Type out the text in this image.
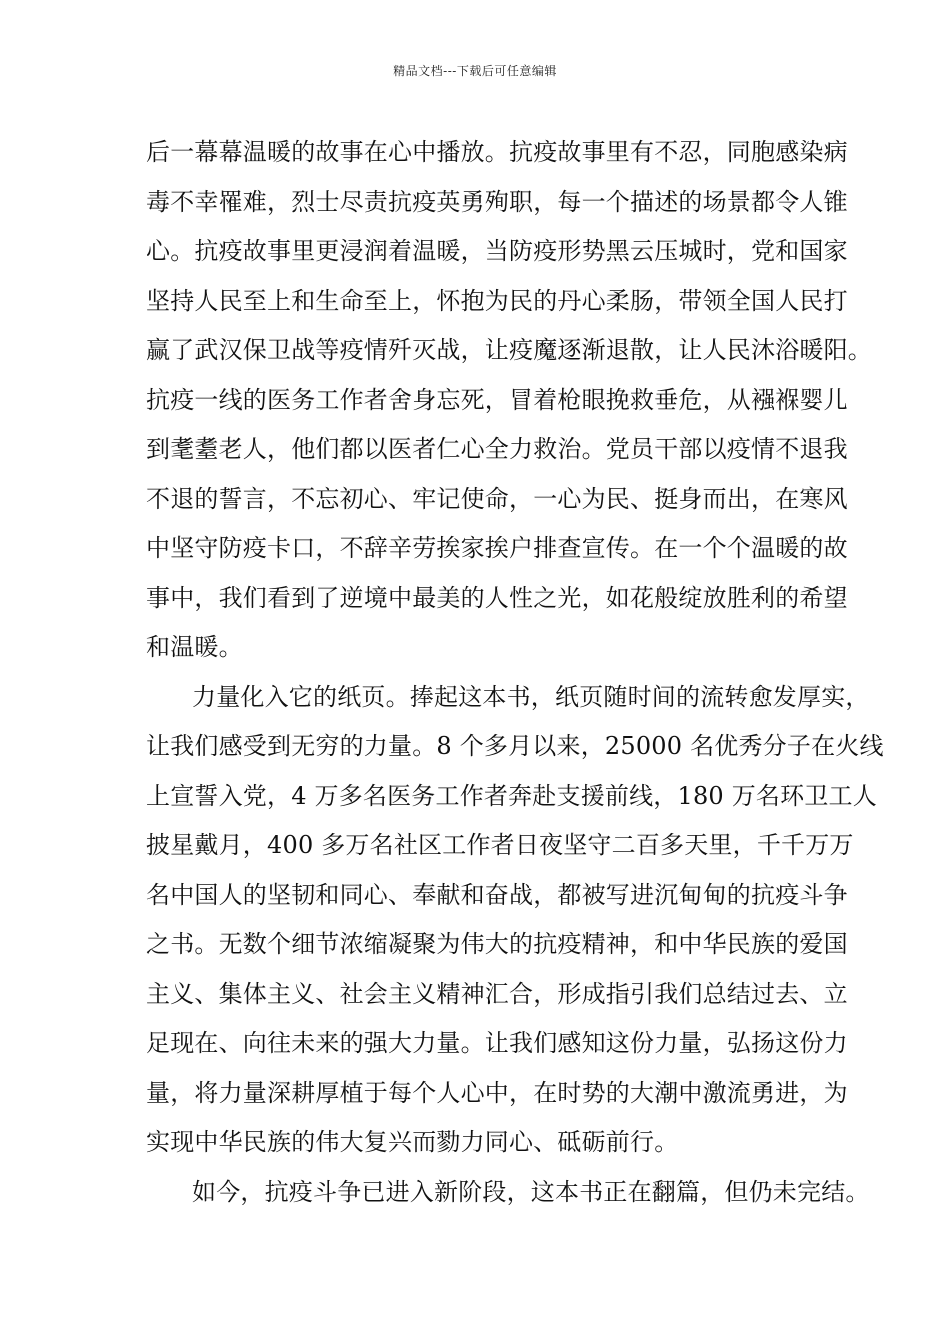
精品文档---下载后可任意编辑
后一幕幕温暖的故事在心中播放。抗疫故事里有不忍，同胞感染病
毒不幸罹难，烈士尽责抗疫英勇殉职，每一个描述的场景都令人锥
心。抗疫故事里更浸润着温暖，当防疫形势黑云压城时，党和国家
坚持人民至上和生命至上，怀抱为民的丹心柔肠，带领全国人民打
赢了武汉保卫战等疫情歼灭战，让疫魔逐渐退散，让人民沐浴暖阳。
抗疫一线的医务工作者舍身忘死，冒着枪眼挽救垂危，从襁褓婴儿
到耄耋老人，他们都以医者仁心全力救治。党员干部以疫情不退我
不退的誓言，不忘初心、牢记使命，一心为民、挺身而出，在寒风
中坚守防疫卡口，不辞辛劳挨家挨户排查宣传。在一个个温暖的故
事中，我们看到了逆境中最美的人性之光，如花般绽放胜利的希望
和温暖。
力量化入它的纸页。捧起这本书，纸页随时间的流转愈发厚实，
让我们感受到无穷的力量。8 个多月以来，25000 名优秀分子在火线
上宣誓入党，4 万多名医务工作者奔赴支援前线，180 万名环卫工人
披星戴月，400 多万名社区工作者日夜坚守二百多天里，千千万万
名中国人的坚韧和同心、奉献和奋战，都被写进沉甸甸的抗疫斗争
之书。无数个细节浓缩凝聚为伟大的抗疫精神，和中华民族的爱国
主义、集体主义、社会主义精神汇合，形成指引我们总结过去、立
足现在、向往未来的强大力量。让我们感知这份力量，弘扬这份力
量，将力量深耕厚植于每个人心中，在时势的大潮中激流勇进，为
实现中华民族的伟大复兴而勠力同心、砥砺前行。
如今，抗疫斗争已进入新阶段，这本书正在翻篇，但仍未完结。
